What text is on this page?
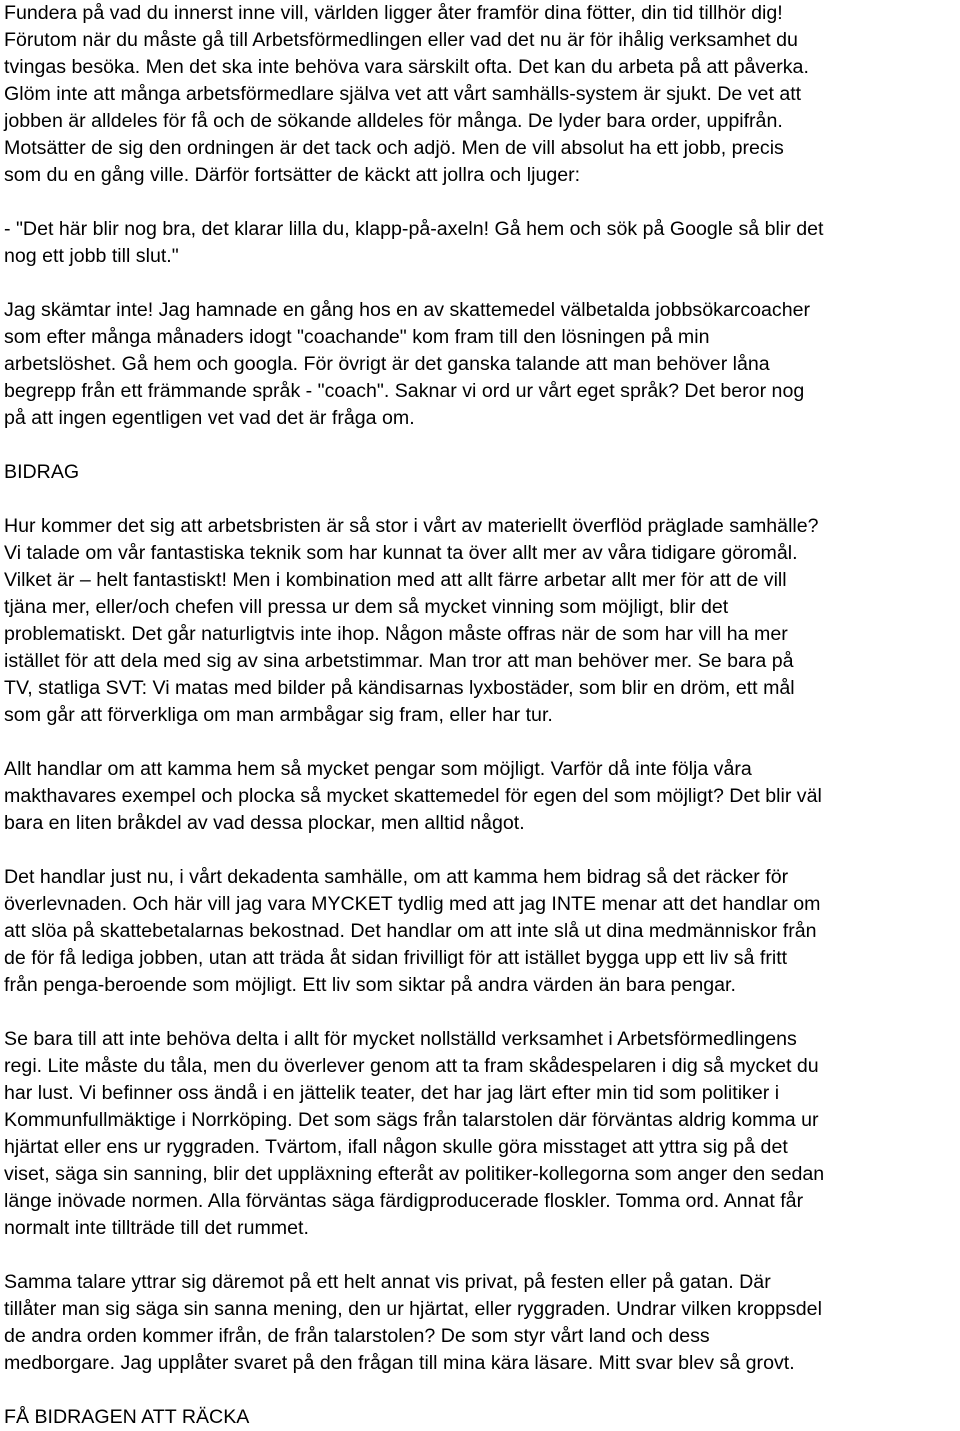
Fundera på vad du innerst inne vill, världen ligger åter framför dina fötter, din tid tillhör dig!
Förutom när du måste gå till Arbetsförmedlingen eller vad det nu är för ihålig verksamhet du
tvingas besöka. Men det ska inte behöva vara särskilt ofta. Det kan du arbeta på att påverka.
Glöm inte att många arbetsförmedlare själva vet att vårt samhälls-system är sjukt. De vet att
jobben är alldeles för få och de sökande alldeles för många. De lyder bara order, uppifrån.
Motsätter de sig den ordningen är det tack och adjö. Men de vill absolut ha ett jobb, precis
som du en gång ville. Därför fortsätter de käckt att jollra och ljuger:
- "Det här blir nog bra, det klarar lilla du, klapp-på-axeln! Gå hem och sök på Google så blir det
nog ett jobb till slut."
Jag skämtar inte! Jag hamnade en gång hos en av skattemedel välbetalda jobbsökarcoacher
som efter många månaders idogt "coachande" kom fram till den lösningen på min
arbetslöshet. Gå hem och googla. För övrigt är det ganska talande att man behöver låna
begrepp från ett främmande språk - "coach". Saknar vi ord ur vårt eget språk? Det beror nog
på att ingen egentligen vet vad det är fråga om.
BIDRAG
Hur kommer det sig att arbetsbristen är så stor i vårt av materiellt överflöd präglade samhälle?
Vi talade om vår fantastiska teknik som har kunnat ta över allt mer av våra tidigare göromål.
Vilket är – helt fantastiskt! Men i kombination med att allt färre arbetar allt mer för att de vill
tjäna mer, eller/och chefen vill pressa ur dem så mycket vinning som möjligt, blir det
problematiskt. Det går naturligtvis inte ihop. Någon måste offras när de som har vill ha mer
istället för att dela med sig av sina arbetstimmar. Man tror att man behöver mer. Se bara på
TV, statliga SVT: Vi matas med bilder på kändisarnas lyxbostäder, som blir en dröm, ett mål
som går att förverkliga om man armbågar sig fram, eller har tur.
Allt handlar om att kamma hem så mycket pengar som möjligt. Varför då inte följa våra
makthavares exempel och plocka så mycket skattemedel för egen del som möjligt? Det blir väl
bara en liten bråkdel av vad dessa plockar, men alltid något.
Det handlar just nu, i vårt dekadenta samhälle, om att kamma hem bidrag så det räcker för
överlevnaden. Och här vill jag vara MYCKET tydlig med att jag INTE menar att det handlar om
att slöa på skattebetalarnas bekostnad. Det handlar om att inte slå ut dina medmänniskor från
de för få lediga jobben, utan att träda åt sidan frivilligt för att istället bygga upp ett liv så fritt
från penga-beroende som möjligt. Ett liv som siktar på andra värden än bara pengar.
Se bara till att inte behöva delta i allt för mycket nollställd verksamhet i Arbetsförmedlingens
regi. Lite måste du tåla, men du överlever genom att ta fram skådespelaren i dig så mycket du
har lust. Vi befinner oss ändå i en jättelik teater, det har jag lärt efter min tid som politiker i
Kommunfullmäktige i Norrköping. Det som sägs från talarstolen där förväntas aldrig komma ur
hjärtat eller ens ur ryggraden. Tvärtom, ifall någon skulle göra misstaget att yttra sig på det
viset, säga sin sanning, blir det uppläxning efteråt av politiker-kollegorna som anger den sedan
länge inövade normen. Alla förväntas säga färdigproducerade floskler. Tomma ord. Annat får
normalt inte tillträde till det rummet.
Samma talare yttrar sig däremot på ett helt annat vis privat, på festen eller på gatan. Där
tillåter man sig säga sin sanna mening, den ur hjärtat, eller ryggraden. Undrar vilken kroppsdel
de andra orden kommer ifrån, de från talarstolen? De som styr vårt land och dess
medborgare. Jag upplåter svaret på den frågan till mina kära läsare. Mitt svar blev så grovt.
FÅ BIDRAGEN ATT RÄCKA
